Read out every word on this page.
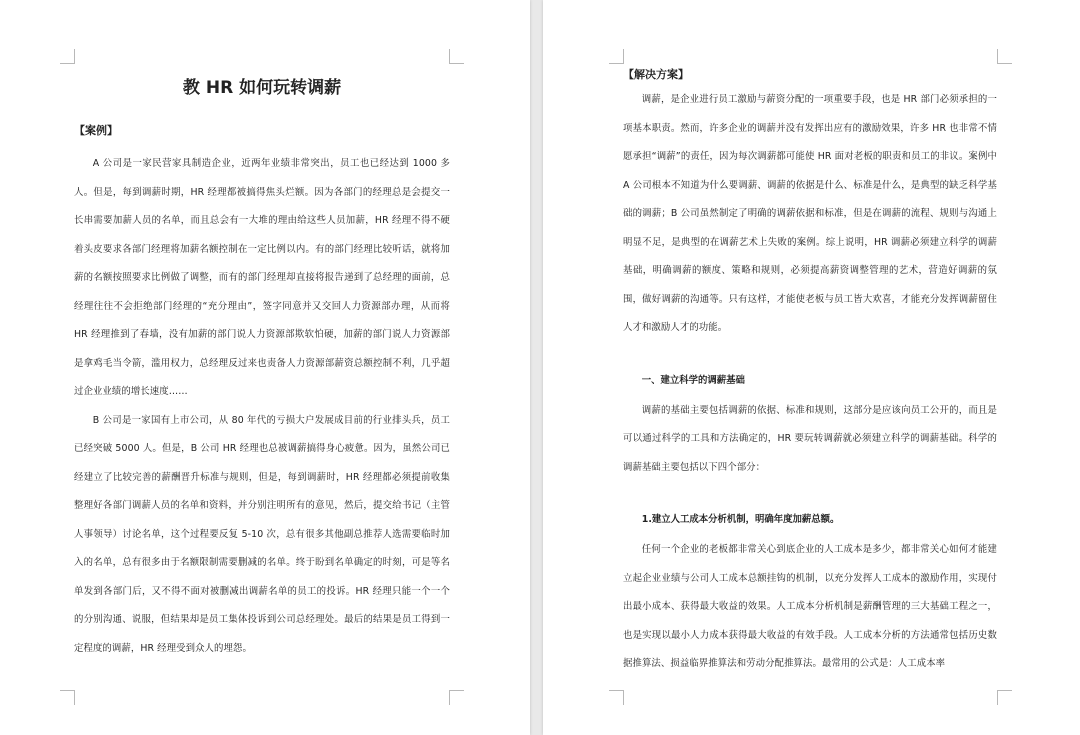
教 HR 如何玩转调薪
【案例】

A 公司是一家民营家具制造企业，近两年业绩非常突出，员工也已经达到 1000 多人。但是，每到调薪时期，HR 经理都被搞得焦头烂额。因为各部门的经理总是会提交一长串需要加薪人员的名单，而且总会有一大堆的理由给这些人员加薪，HR 经理不得不硬着头皮要求各部门经理将加薪名额控制在一定比例以内。有的部门经理比较听话，就将加薪的名额按照要求比例做了调整，而有的部门经理却直接将报告递到了总经理的面前，总经理往往不会拒绝部门经理的“充分理由”，签字同意并又交回人力资源部办理，从而将 HR 经理推到了春墙，没有加薪的部门说人力资源部欺软怕硬，加薪的部门说人力资源部是拿鸡毛当令箭，滥用权力，总经理反过来也责备人力资源部薪资总额控制不利，几乎超过企业业绩的增长速度……

B 公司是一家国有上市公司，从 80 年代的亏损大户发展成目前的行业排头兵，员工已经突破 5000 人。但是，B 公司 HR 经理也总被调薪搞得身心疲惫。因为，虽然公司已经建立了比较完善的薪酬晋升标准与规则，但是，每到调薪时，HR 经理都必须提前收集整理好各部门调薪人员的名单和资料，并分别注明所有的意见，然后，提交给书记（主管人事领导）讨论名单，这个过程要反复 5-10 次，总有很多其他副总推荐人选需要临时加入的名单，总有很多由于名额限制需要删减的名单。终于盼到名单确定的时刻，可是等名单发到各部门后，又不得不面对被删减出调薪名单的员工的投诉。HR 经理只能一个一个的分别沟通、说服，但结果却是员工集体投诉到公司总经理处。最后的结果是员工得到一定程度的调薪，HR 经理受到众人的埋怨。

【解决方案】

调薪，是企业进行员工激励与薪资分配的一项重要手段，也是 HR 部门必须承担的一项基本职责。然而，许多企业的调薪并没有发挥出应有的激励效果，许多 HR 也非常不情愿承担“调薪”的责任，因为每次调薪都可能使 HR 面对老板的职责和员工的非议。案例中 A 公司根本不知道为什么要调薪、调薪的依据是什么、标准是什么，是典型的缺乏科学基础的调薪；B 公司虽然制定了明确的调薪依据和标准，但是在调薪的流程、规则与沟通上明显不足，是典型的在调薪艺术上失败的案例。综上说明，HR 调薪必须建立科学的调薪基础，明确调薪的额度、策略和规则，必须提高薪资调整管理的艺术，营造好调薪的氛围，做好调薪的沟通等。只有这样，才能使老板与员工皆大欢喜，才能充分发挥调薪留住人才和激励人才的功能。

一、建立科学的调薪基础

调薪的基础主要包括调薪的依据、标准和规则，这部分是应该向员工公开的，而且是可以通过科学的工具和方法确定的，HR 要玩转调薪就必须建立科学的调薪基础。科学的调薪基础主要包括以下四个部分：

1.建立人工成本分析机制，明确年度加薪总额。

任何一个企业的老板都非常关心到底企业的人工成本是多少，都非常关心如何才能建立起企业业绩与公司人工成本总额挂钩的机制，以充分发挥人工成本的激励作用，实现付出最小成本、获得最大收益的效果。人工成本分析机制是薪酬管理的三大基础工程之一，也是实现以最小人力成本获得最大收益的有效手段。人工成本分析的方法通常包括历史数据推算法、损益临界推算法和劳动分配推算法。最常用的公式是：人工成本率
